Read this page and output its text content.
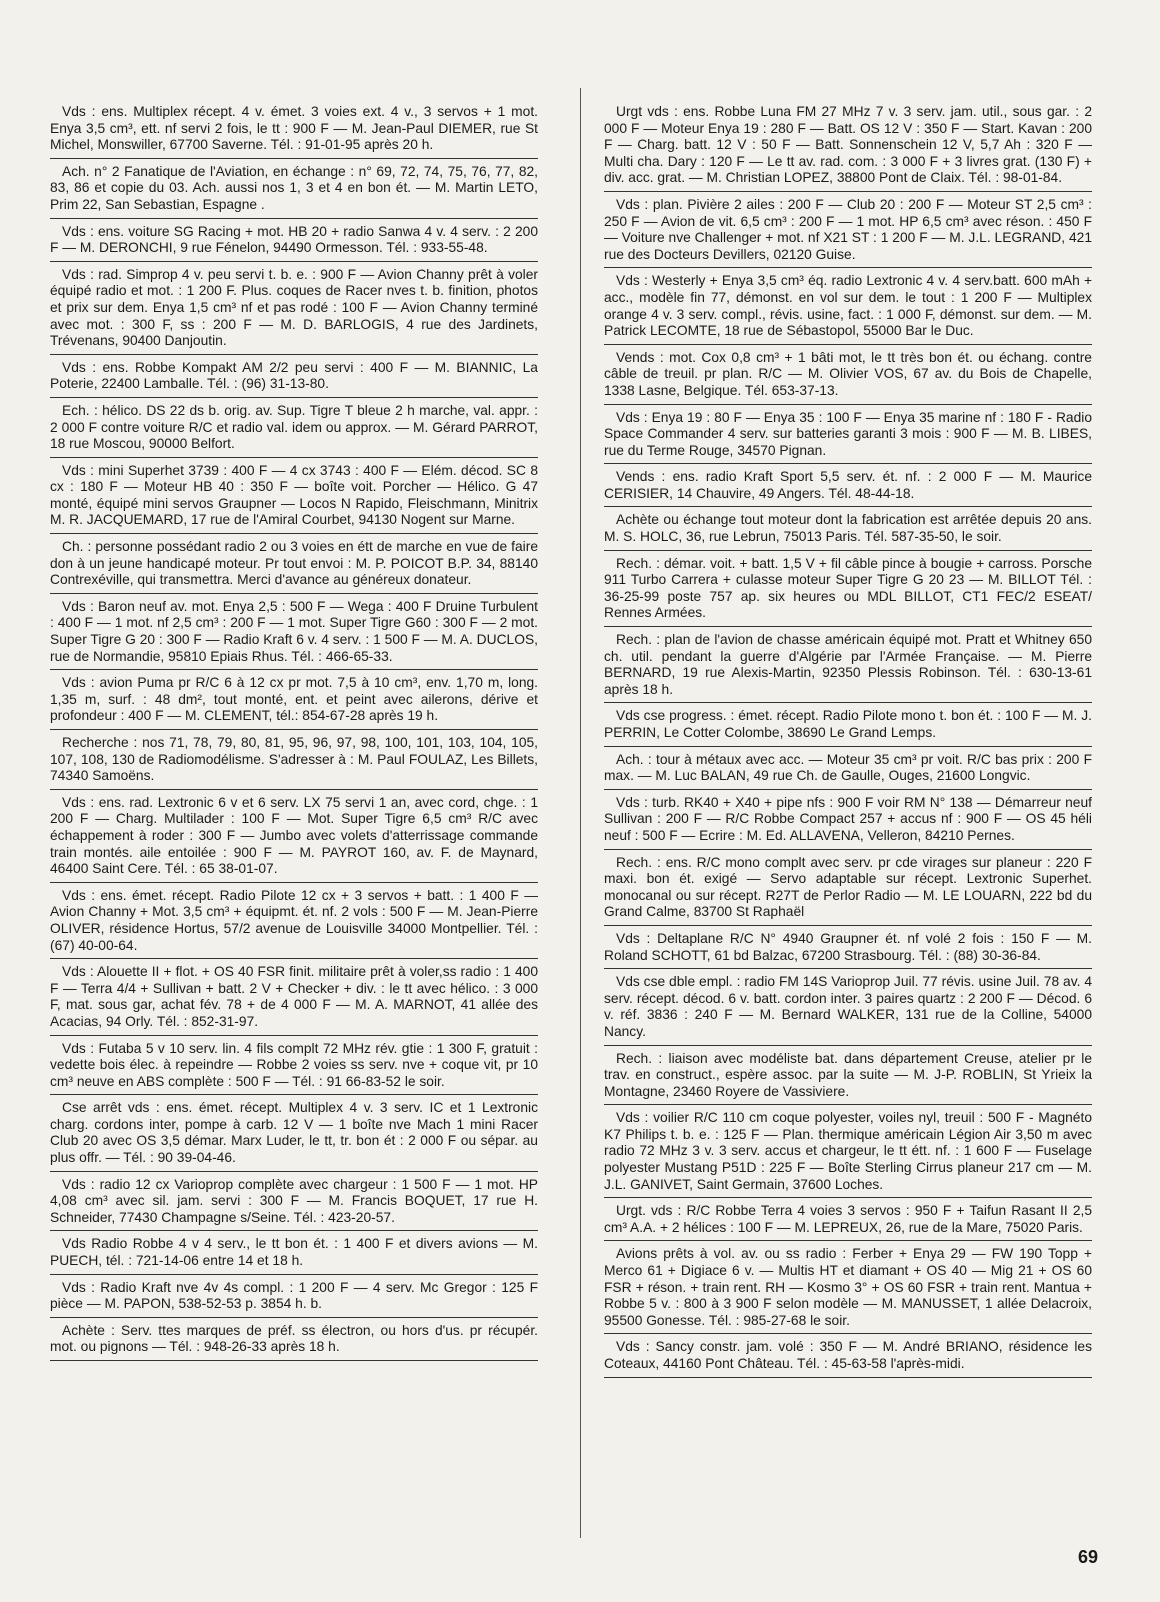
Vds : ens. Multiplex récept. 4 v. émet. 3 voies ext. 4 v., 3 servos + 1 mot. Enya 3,5 cm³, ett. nf servi 2 fois, le tt : 900 F — M. Jean-Paul DIEMER, rue St Michel, Monswiller, 67700 Saverne. Tél. : 91-01-95 après 20 h.
Ach. n° 2 Fanatique de l'Aviation, en échange : n° 69, 72, 74, 75, 76, 77, 82, 83, 86 et copie du 03. Ach. aussi nos 1, 3 et 4 en bon ét. — M. Martin LETO, Prim 22, San Sebastian, Espagne .
Vds : ens. voiture SG Racing + mot. HB 20 + radio Sanwa 4 v. 4 serv. : 2 200 F — M. DERONCHI, 9 rue Fénelon, 94490 Ormesson. Tél. : 933-55-48.
Vds : rad. Simprop 4 v. peu servi t. b. e. : 900 F — Avion Channy prêt à voler équipé radio et mot. : 1 200 F. Plus. coques de Racer nves t. b. finition, photos et prix sur dem. Enya 1,5 cm³ nf et pas rodé : 100 F — Avion Channy terminé avec mot. : 300 F, ss : 200 F — M. D. BARLOGIS, 4 rue des Jardinets, Trévenans, 90400 Danjoutin.
Vds : ens. Robbe Kompakt AM 2/2 peu servi : 400 F — M. BIANNIC, La Poterie, 22400 Lamballe. Tél. : (96) 31-13-80.
Ech. : hélico. DS 22 ds b. orig. av. Sup. Tigre T bleue 2 h marche, val. appr. : 2 000 F contre voiture R/C et radio val. idem ou approx. — M. Gérard PARROT, 18 rue Moscou, 90000 Belfort.
Vds : mini Superhet 3739 : 400 F — 4 cx 3743 : 400 F — Elém. décod. SC 8 cx : 180 F — Moteur HB 40 : 350 F — boîte voit. Porcher — Hélico. G 47 monté, équipé mini servos Graupner — Locos N Rapido, Fleischmann, Minitrix M. R. JACQUEMARD, 17 rue de l'Amiral Courbet, 94130 Nogent sur Marne.
Ch. : personne possédant radio 2 ou 3 voies en étt de marche en vue de faire don à un jeune handicapé moteur. Pr tout envoi : M. P. POICOT B.P. 34, 88140 Contrexéville, qui transmettra. Merci d'avance au généreux donateur.
Vds : Baron neuf av. mot. Enya 2,5 : 500 F — Wega : 400 F Druine Turbulent : 400 F — 1 mot. nf 2,5 cm³ : 200 F — 1 mot. Super Tigre G60 : 300 F — 2 mot. Super Tigre G 20 : 300 F — Radio Kraft 6 v. 4 serv. : 1 500 F — M. A. DUCLOS, rue de Normandie, 95810 Epiais Rhus. Tél. : 466-65-33.
Vds : avion Puma pr R/C 6 à 12 cx pr mot. 7,5 à 10 cm³, env. 1,70 m, long. 1,35 m, surf. : 48 dm², tout monté, ent. et peint avec ailerons, dérive et profondeur : 400 F — M. CLEMENT, tél.: 854-67-28 après 19 h.
Recherche : nos 71, 78, 79, 80, 81, 95, 96, 97, 98, 100, 101, 103, 104, 105, 107, 108, 130 de Radiomodélisme. S'adresser à : M. Paul FOULAZ, Les Billets, 74340 Samoëns.
Vds : ens. rad. Lextronic 6 v et 6 serv. LX 75 servi 1 an, avec cord, chge. : 1 200 F — Charg. Multilader : 100 F — Mot. Super Tigre 6,5 cm³ R/C avec échappement à roder : 300 F — Jumbo avec volets d'atterrissage commande train montés. aile entoilée : 900 F — M. PAYROT 160, av. F. de Maynard, 46400 Saint Cere. Tél. : 65 38-01-07.
Vds : ens. émet. récept. Radio Pilote 12 cx + 3 servos + batt. : 1 400 F — Avion Channy + Mot. 3,5 cm³ + équipmt. ét. nf. 2 vols : 500 F — M. Jean-Pierre OLIVER, résidence Hortus, 57/2 avenue de Louisville 34000 Montpellier. Tél. : (67) 40-00-64.
Vds : Alouette II + flot. + OS 40 FSR finit. militaire prêt à voler,ss radio : 1 400 F — Terra 4/4 + Sullivan + batt. 2 V + Checker + div. : le tt avec hélico. : 3 000 F, mat. sous gar, achat fév. 78 + de 4 000 F — M. A. MARNOT, 41 allée des Acacias, 94 Orly. Tél. : 852-31-97.
Vds : Futaba 5 v 10 serv. lin. 4 fils complt 72 MHz rév. gtie : 1 300 F, gratuit : vedette bois élec. à repeindre — Robbe 2 voies ss serv. nve + coque vit, pr 10 cm³ neuve en ABS complète : 500 F — Tél. : 91 66-83-52 le soir.
Cse arrêt vds : ens. émet. récept. Multiplex 4 v. 3 serv. IC et 1 Lextronic charg. cordons inter, pompe à carb. 12 V — 1 boîte nve Mach 1 mini Racer Club 20 avec OS 3,5 démar. Marx Luder, le tt, tr. bon ét : 2 000 F ou sépar. au plus offr. — Tél. : 90 39-04-46.
Vds : radio 12 cx Varioprop complète avec chargeur : 1 500 F — 1 mot. HP 4,08 cm³ avec sil. jam. servi : 300 F — M. Francis BOQUET, 17 rue H. Schneider, 77430 Champagne s/Seine. Tél. : 423-20-57.
Vds Radio Robbe 4 v 4 serv., le tt bon ét. : 1 400 F et divers avions — M. PUECH, tél. : 721-14-06 entre 14 et 18 h.
Vds : Radio Kraft nve 4v 4s compl. : 1 200 F — 4 serv. Mc Gregor : 125 F pièce — M. PAPON, 538-52-53 p. 3854 h. b.
Achète : Serv. ttes marques de préf. ss électron, ou hors d'us. pr récupér. mot. ou pignons — Tél. : 948-26-33 après 18 h.
Urgt vds : ens. Robbe Luna FM 27 MHz 7 v. 3 serv. jam. util., sous gar. : 2 000 F — Moteur Enya 19 : 280 F — Batt. OS 12 V : 350 F — Start. Kavan : 200 F — Charg. batt. 12 V : 50 F — Batt. Sonnenschein 12 V, 5,7 Ah : 320 F — Multi cha. Dary : 120 F — Le tt av. rad. com. : 3 000 F + 3 livres grat. (130 F) + div. acc. grat. — M. Christian LOPEZ, 38800 Pont de Claix. Tél. : 98-01-84.
Vds : plan. Pivière 2 ailes : 200 F — Club 20 : 200 F — Moteur ST 2,5 cm³ : 250 F — Avion de vit. 6,5 cm³ : 200 F — 1 mot. HP 6,5 cm³ avec réson. : 450 F — Voiture nve Challenger + mot. nf X21 ST : 1 200 F — M. J.L. LEGRAND, 421 rue des Docteurs Devillers, 02120 Guise.
Vds : Westerly + Enya 3,5 cm³ éq. radio Lextronic 4 v. 4 serv.batt. 600 mAh + acc., modèle fin 77, démonst. en vol sur dem. le tout : 1 200 F — Multiplex orange 4 v. 3 serv. compl., révis. usine, fact. : 1 000 F, démonst. sur dem. — M. Patrick LECOMTE, 18 rue de Sébastopol, 55000 Bar le Duc.
Vends : mot. Cox 0,8 cm³ + 1 bâti mot, le tt très bon ét. ou échang. contre câble de treuil. pr plan. R/C — M. Olivier VOS, 67 av. du Bois de Chapelle, 1338 Lasne, Belgique. Tél. 653-37-13.
Vds : Enya 19 : 80 F — Enya 35 : 100 F — Enya 35 marine nf : 180 F - Radio Space Commander 4 serv. sur batteries garanti 3 mois : 900 F — M. B. LIBES, rue du Terme Rouge, 34570 Pignan.
Vends : ens. radio Kraft Sport 5,5 serv. ét. nf. : 2 000 F — M. Maurice CERISIER, 14 Chauvire, 49 Angers. Tél. 48-44-18.
Achète ou échange tout moteur dont la fabrication est arrêtée depuis 20 ans. M. S. HOLC, 36, rue Lebrun, 75013 Paris. Tél. 587-35-50, le soir.
Rech. : démar. voit. + batt. 1,5 V + fil câble pince à bougie + carross. Porsche 911 Turbo Carrera + culasse moteur Super Tigre G 20 23 — M. BILLOT Tél. : 36-25-99 poste 757 ap. six heures ou MDL BILLOT, CT1 FEC/2 ESEAT/ Rennes Armées.
Rech. : plan de l'avion de chasse américain équipé mot. Pratt et Whitney 650 ch. util. pendant la guerre d'Algérie par l'Armée Française. — M. Pierre BERNARD, 19 rue Alexis-Martin, 92350 Plessis Robinson. Tél. : 630-13-61 après 18 h.
Vds cse progress. : émet. récept. Radio Pilote mono t. bon ét. : 100 F — M. J. PERRIN, Le Cotter Colombe, 38690 Le Grand Lemps.
Ach. : tour à métaux avec acc. — Moteur 35 cm³ pr voit. R/C bas prix : 200 F max. — M. Luc BALAN, 49 rue Ch. de Gaulle, Ouges, 21600 Longvic.
Vds : turb. RK40 + X40 + pipe nfs : 900 F voir RM N° 138 — Démarreur neuf Sullivan : 200 F — R/C Robbe Compact 257 + accus nf : 900 F — OS 45 héli neuf : 500 F — Ecrire : M. Ed. ALLAVENA, Velleron, 84210 Pernes.
Rech. : ens. R/C mono complt avec serv. pr cde virages sur planeur : 220 F maxi. bon ét. exigé — Servo adaptable sur récept. Lextronic Superhet. monocanal ou sur récept. R27T de Perlor Radio — M. LE LOUARN, 222 bd du Grand Calme, 83700 St Raphaël
Vds : Deltaplane R/C N° 4940 Graupner ét. nf volé 2 fois : 150 F — M. Roland SCHOTT, 61 bd Balzac, 67200 Strasbourg. Tél. : (88) 30-36-84.
Vds cse dble empl. : radio FM 14S Varioprop Juil. 77 révis. usine Juil. 78 av. 4 serv. récept. décod. 6 v. batt. cordon inter. 3 paires quartz : 2 200 F — Décod. 6 v. réf. 3836 : 240 F — M. Bernard WALKER, 131 rue de la Colline, 54000 Nancy.
Rech. : liaison avec modéliste bat. dans département Creuse, atelier pr le trav. en construct., espère assoc. par la suite — M. J-P. ROBLIN, St Yrieix la Montagne, 23460 Royere de Vassiviere.
Vds : voilier R/C 110 cm coque polyester, voiles nyl, treuil : 500 F - Magnéto K7 Philips t. b. e. : 125 F — Plan. thermique américain Légion Air 3,50 m avec radio 72 MHz 3 v. 3 serv. accus et chargeur, le tt étt. nf. : 1 600 F — Fuselage polyester Mustang P51D : 225 F — Boîte Sterling Cirrus planeur 217 cm — M. J.L. GANIVET, Saint Germain, 37600 Loches.
Urgt. vds : R/C Robbe Terra 4 voies 3 servos : 950 F + Taifun Rasant II 2,5 cm³ A.A. + 2 hélices : 100 F — M. LEPREUX, 26, rue de la Mare, 75020 Paris.
Avions prêts à vol. av. ou ss radio : Ferber + Enya 29 — FW 190 Topp + Merco 61 + Digiace 6 v. — Multis HT et diamant + OS 40 — Mig 21 + OS 60 FSR + réson. + train rent. RH — Kosmo 3° + OS 60 FSR + train rent. Mantua + Robbe 5 v. : 800 à 3 900 F selon modèle — M. MANUSSET, 1 allée Delacroix, 95500 Gonesse. Tél. : 985-27-68 le soir.
Vds : Sancy constr. jam. volé : 350 F — M. André BRIANO, résidence les Coteaux, 44160 Pont Château. Tél. : 45-63-58 l'après-midi.
69
